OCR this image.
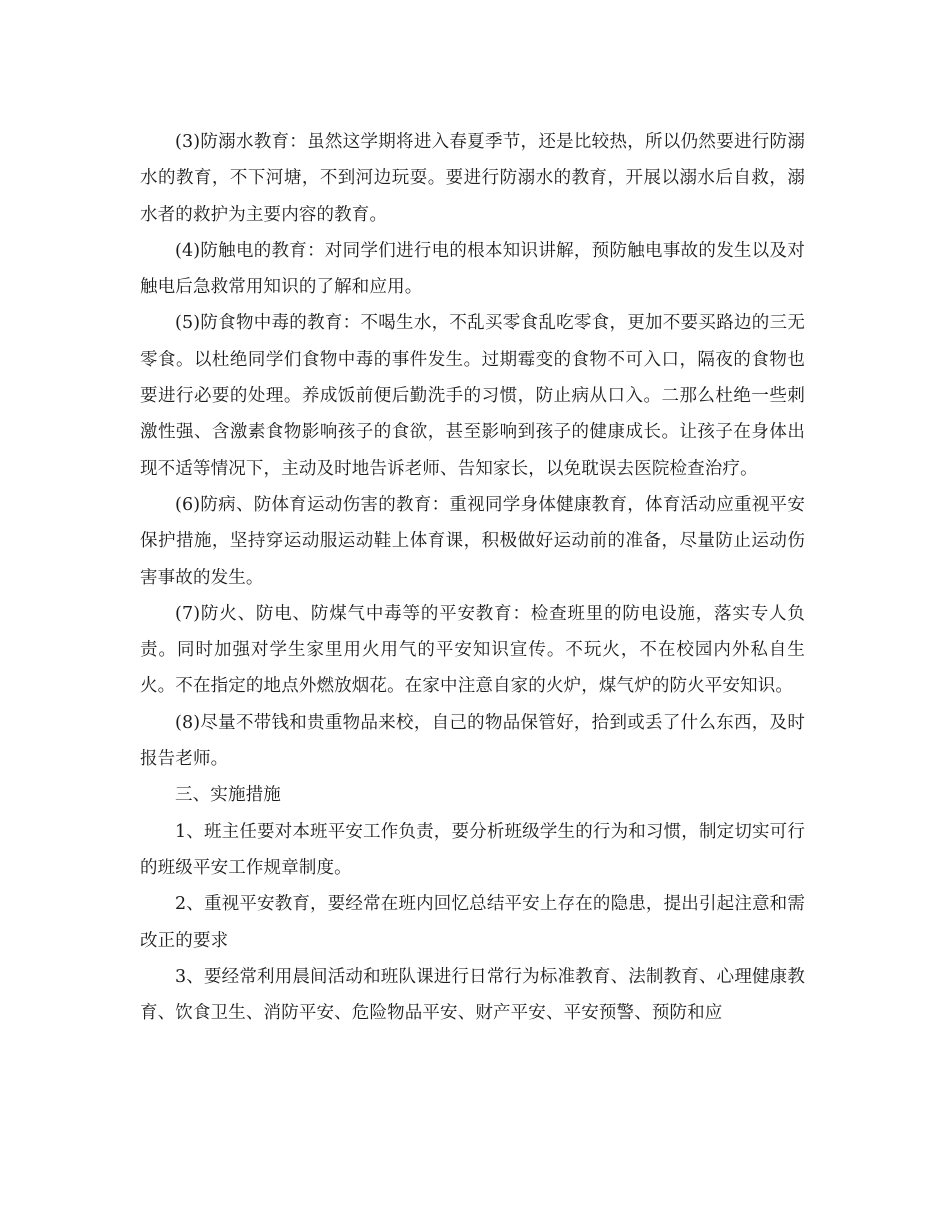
(3)防溺水教育：虽然这学期将进入春夏季节，还是比较热，所以仍然要进行防溺水的教育，不下河塘，不到河边玩耍。要进行防溺水的教育，开展以溺水后自救，溺水者的救护为主要内容的教育。

(4)防触电的教育：对同学们进行电的根本知识讲解，预防触电事故的发生以及对触电后急救常用知识的了解和应用。

(5)防食物中毒的教育：不喝生水，不乱买零食乱吃零食，更加不要买路边的三无零食。以杜绝同学们食物中毒的事件发生。过期霉变的食物不可入口，隔夜的食物也要进行必要的处理。养成饭前便后勤洗手的习惯，防止病从口入。二那么杜绝一些刺激性强、含激素食物影响孩子的食欲，甚至影响到孩子的健康成长。让孩子在身体出现不适等情况下，主动及时地告诉老师、告知家长，以免耽误去医院检查治疗。

(6)防病、防体育运动伤害的教育：重视同学身体健康教育，体育活动应重视平安保护措施，坚持穿运动服运动鞋上体育课，积极做好运动前的准备，尽量防止运动伤害事故的发生。

(7)防火、防电、防煤气中毒等的平安教育：检查班里的防电设施，落实专人负责。同时加强对学生家里用火用气的平安知识宣传。不玩火，不在校园内外私自生火。不在指定的地点外燃放烟花。在家中注意自家的火炉，煤气炉的防火平安知识。

(8)尽量不带钱和贵重物品来校，自己的物品保管好，拾到或丢了什么东西，及时报告老师。

三、实施措施

1、班主任要对本班平安工作负责，要分析班级学生的行为和习惯，制定切实可行的班级平安工作规章制度。

2、重视平安教育，要经常在班内回忆总结平安上存在的隐患，提出引起注意和需改正的要求

3、要经常利用晨间活动和班队课进行日常行为标准教育、法制教育、心理健康教育、饮食卫生、消防平安、危险物品平安、财产平安、平安预警、预防和应
